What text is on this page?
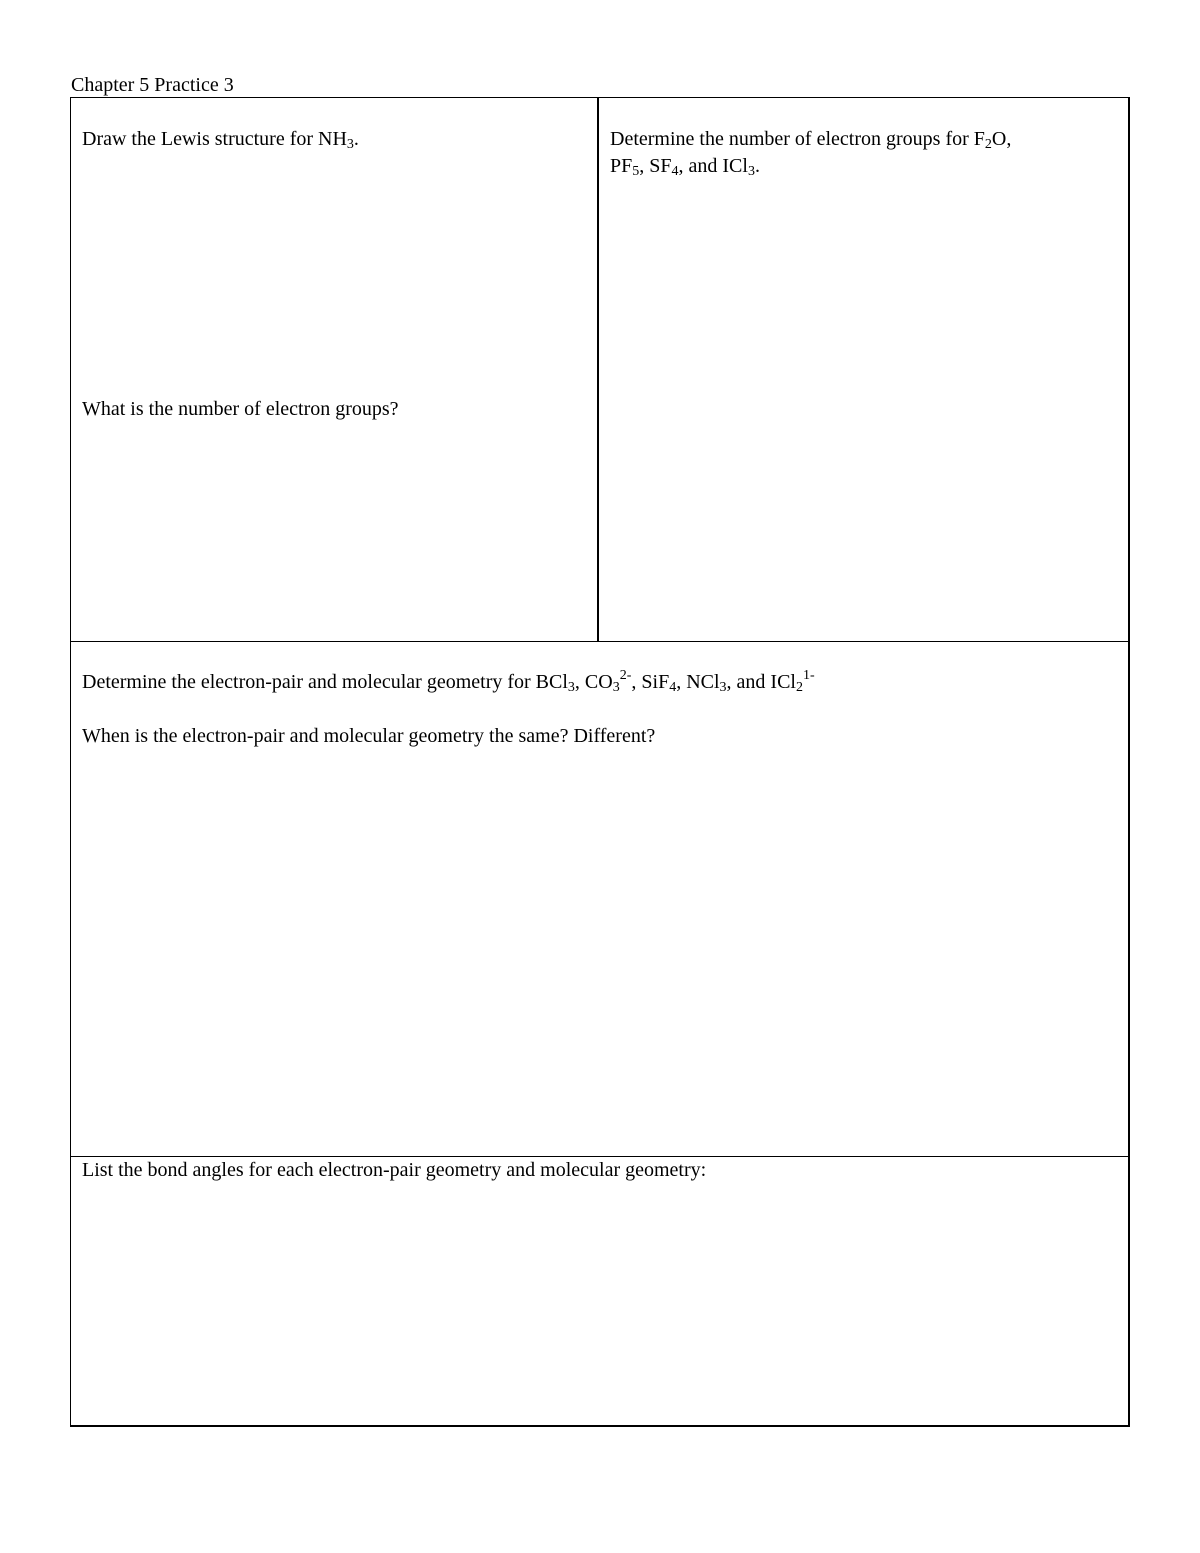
Chapter 5 Practice 3
Draw the Lewis structure for $NH_3$.
What is the number of electron groups?
Determine the number of electron groups for $F_2O$,
$PF_5$, $SF_4$, and ICl$_3$.
Determine the electron-pair and molecular geometry for BCl$_3$, $CO_3^{2-}$, SiF$_4$, NCl$_3$, and ICl$_2^{1-}$
When is the electron-pair and molecular geometry the same? Different?
List the bond angles for each electron-pair geometry and molecular geometry:
